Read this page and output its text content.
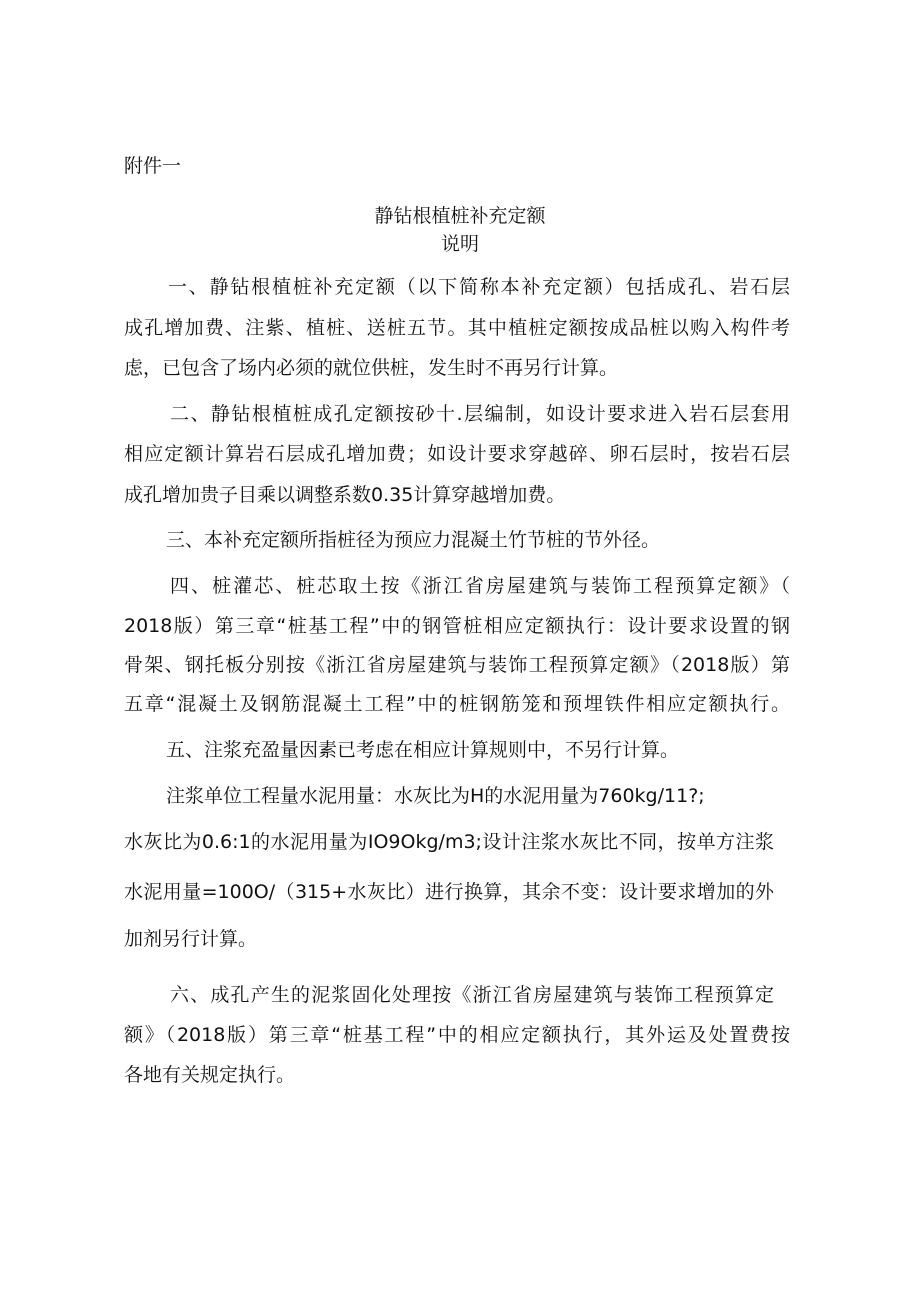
附件一
静钻根植桩补充定额
说明
一、静钻根植桩补充定额（以下简称本补充定额）包括成孔、岩石层
成孔增加费、注紫、植桩、送桩五节。其中植桩定额按成品桩以购入构件考
虑，已包含了场内必须的就位供桩，发生时不再另行计算。
二、静钻根植桩成孔定额按砂十.层编制，如设计要求进入岩石层套用
相应定额计算岩石层成孔增加费；如设计要求穿越碎、卵石层时，按岩石层
成孔增加贵子目乘以调整系数0.35计算穿越增加费。
三、本补充定额所指桩径为预应力混凝土竹节桩的节外径。
四、桩灌芯、桩芯取土按《浙江省房屋建筑与装饰工程预算定额》（
2018版）第三章“桩基工程”中的钢管桩相应定额执行：设计要求设置的钢
骨架、钢托板分别按《浙江省房屋建筑与装饰工程预算定额》（2018版）第
五章“混凝土及钢筋混凝土工程”中的桩钢筋笼和预埋铁件相应定额执行。
五、注浆充盈量因素已考虑在相应计算规则中，不另行计算。
注浆单位工程量水泥用量：水灰比为H的水泥用量为760kg∕11?;
水灰比为0.6:1的水泥用量为IO9Okg∕m3;设计注浆水灰比不同，按单方注浆
水泥用量=100O/（315+水灰比）进行换算，其余不变：设计要求增加的外
加剂另行计算。
六、成孔产生的泥浆固化处理按《浙江省房屋建筑与装饰工程预算定
额》（2018版）第三章“桩基工程”中的相应定额执行，其外运及处置费按
各地有关规定执行。
